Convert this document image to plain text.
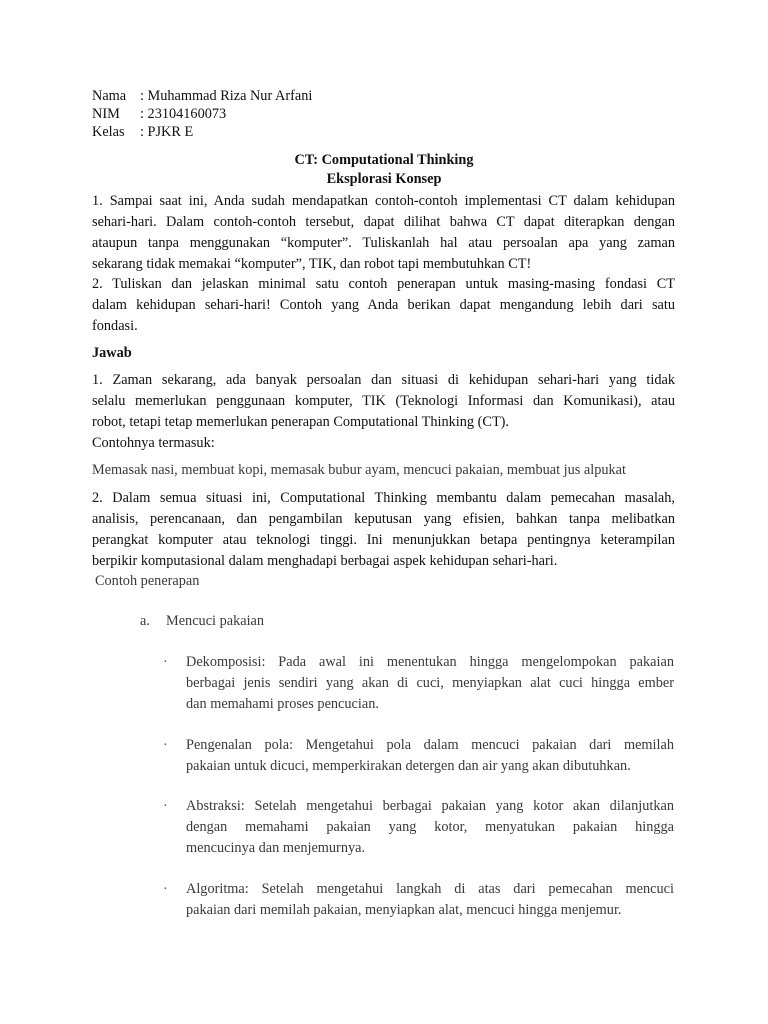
Nama : Muhammad Riza Nur Arfani
NIM : 23104160073
Kelas : PJKR E
CT: Computational Thinking
Eksplorasi Konsep
1. Sampai saat ini, Anda sudah mendapatkan contoh-contoh implementasi CT dalam kehidupan
sehari-hari. Dalam contoh-contoh tersebut, dapat dilihat bahwa CT dapat diterapkan dengan
ataupun tanpa menggunakan “komputer”. Tuliskanlah hal atau persoalan apa yang zaman
sekarang tidak memakai “komputer”, TIK, dan robot tapi membutuhkan CT!
2. Tuliskan dan jelaskan minimal satu contoh penerapan untuk masing-masing fondasi CT
dalam kehidupan sehari-hari! Contoh yang Anda berikan dapat mengandung lebih dari satu
fondasi.
Jawab
1. Zaman sekarang, ada banyak persoalan dan situasi di kehidupan sehari-hari yang tidak
selalu memerlukan penggunaan komputer, TIK (Teknologi Informasi dan Komunikasi), atau
robot, tetapi tetap memerlukan penerapan Computational Thinking (CT).
Contohnya termasuk:
Memasak nasi, membuat kopi, memasak bubur ayam, mencuci pakaian, membuat jus alpukat
2. Dalam semua situasi ini, Computational Thinking membantu dalam pemecahan masalah,
analisis, perencanaan, dan pengambilan keputusan yang efisien, bahkan tanpa melibatkan
perangkat komputer atau teknologi tinggi. Ini menunjukkan betapa pentingnya keterampilan
berpikir komputasional dalam menghadapi berbagai aspek kehidupan sehari-hari.
Contoh penerapan
a. Mencuci pakaian
· Dekomposisi: Pada awal ini menentukan hingga mengelompokan pakaian
berbagai jenis sendiri yang akan di cuci, menyiapkan alat cuci hingga ember
dan memahami proses pencucian.
· Pengenalan pola: Mengetahui pola dalam mencuci pakaian dari memilah
pakaian untuk dicuci, memperkirakan detergen dan air yang akan dibutuhkan.
· Abstraksi: Setelah mengetahui berbagai pakaian yang kotor akan dilanjutkan
dengan memahami pakaian yang kotor, menyatukan pakaian hingga
mencucinya dan menjemurnya.
· Algoritma: Setelah mengetahui langkah di atas dari pemecahan mencuci
pakaian dari memilah pakaian, menyiapkan alat, mencuci hingga menjemur.
